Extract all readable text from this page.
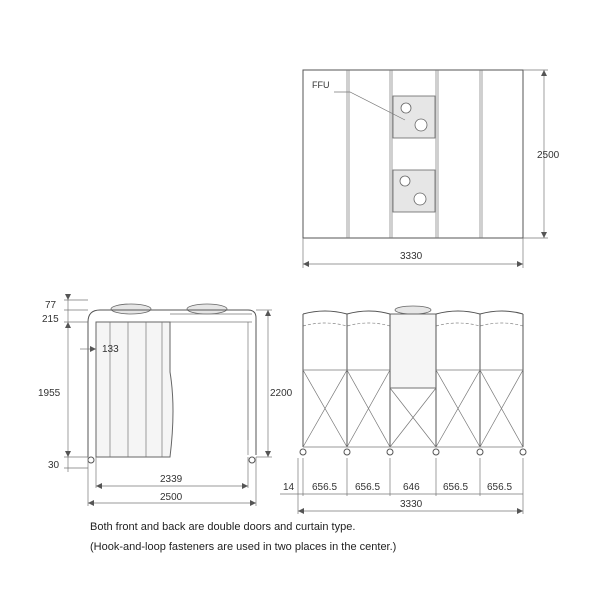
FFU
3330
2500
77
215
1955
30
133
2200
2339
2500
14 656.5 656.5 646 656.5 656.5
3330
Both front and back are double doors and curtain type.
(Hook-and-loop fasteners are used in two places in the center.)
